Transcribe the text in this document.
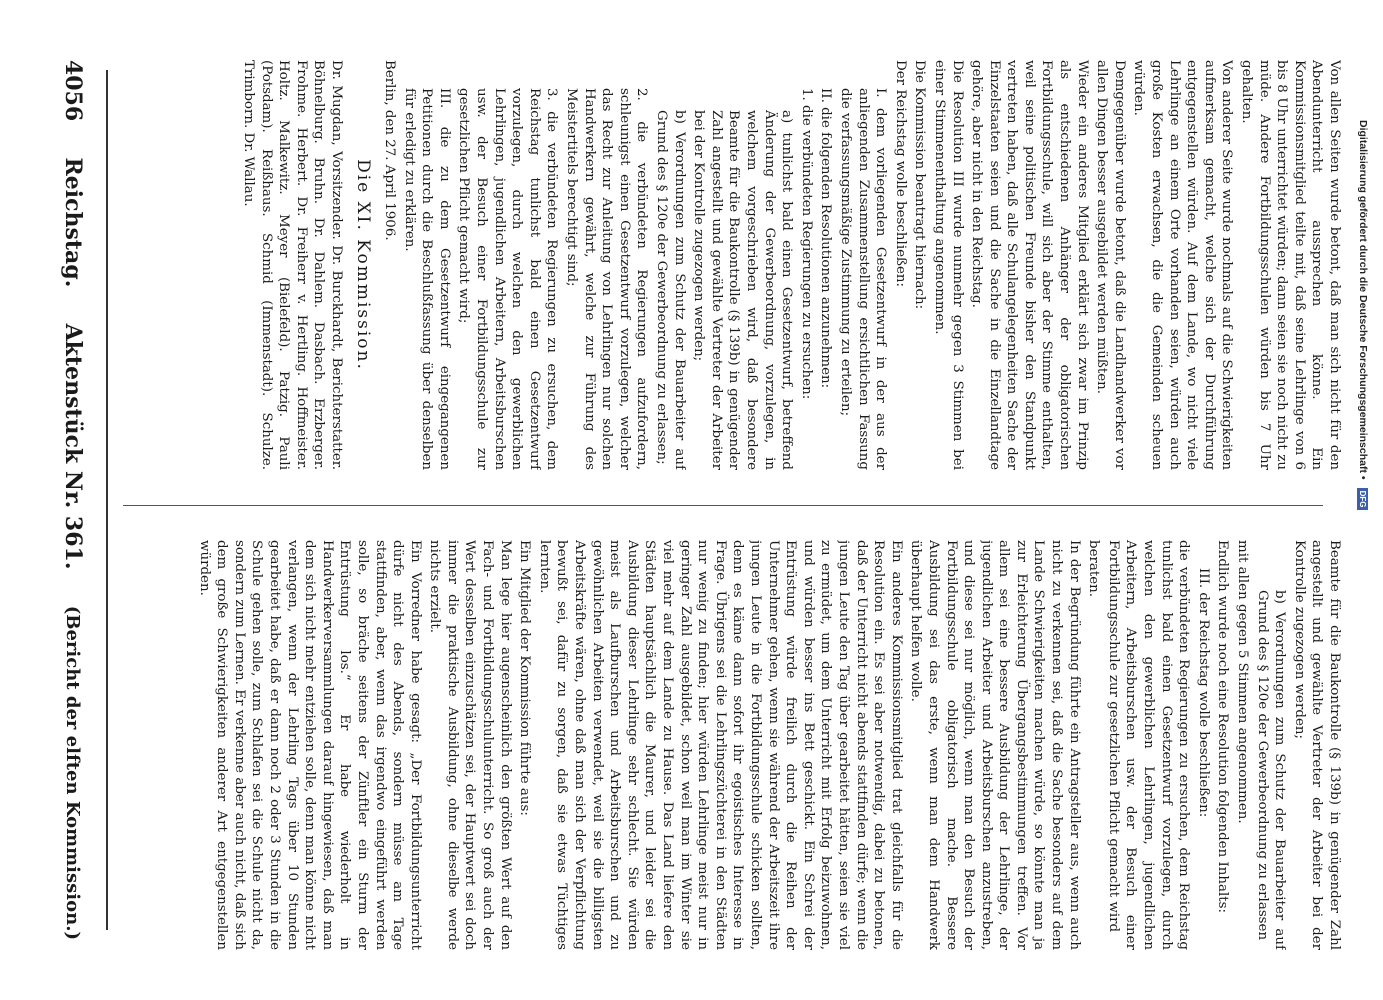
Digitalisierung gefördert durch die Deutsche Forschungsgemeinschaft •
DFG

Von allen Seiten wurde betont, daß man sich nicht für den Abendunterricht aussprechen könne. Ein Kommissionsmitglied teilte mit, daß seine Lehrlinge von 6 bis 8 Uhr unterrichtet würden; dann seien sie noch nicht zu müde. Andere Fortbildungsschulen würden bis 7 Uhr gehalten.

Von anderer Seite wurde nochmals auf die Schwierigkeiten aufmerksam gemacht, welche sich der Durchführung entgegenstellen würden. Auf dem Lande, wo nicht viele Lehrlinge an einem Orte vorhanden seien, würden auch große Kosten erwachsen, die die Gemeinden scheuen würden.

Demgegenüber wurde betont, daß die Landhandwerker vor allen Dingen besser ausgebildet werden müßten.

Wieder ein anderes Mitglied erklärt sich zwar im Prinzip als entschiedenen Anhänger der obligatorischen Fortbildungsschule, will sich aber der Stimme enthalten, weil seine politischen Freunde bisher den Standpunkt vertreten haben, daß alle Schulangelegenheiten Sache der Einzelstaaten seien und die Sache in die Einzellandtage gehöre, aber nicht in den Reichstag.

Die Resolution III wurde nunmehr gegen 3 Stimmen bei einer Stimmenenthaltung angenommen.

Die Kommission beantragt hiernach:

Der Reichstag wolle beschließen:

I. dem vorliegenden Gesetzentwurf in der aus der anliegenden Zusammenstellung ersichtlichen Fassung die verfassungsmäßige Zustimmung zu erteilen;

II. die folgenden Resolutionen anzunehmen:

1. die verbündeten Regierungen zu ersuchen:

a) tunlichst bald einen Gesetzentwurf, betreffend Änderung der Gewerbeordnung, vorzulegen, in welchem vorgeschrieben wird, daß besondere Beamte für die Baukontrolle (§ 139b) in genügender Zahl angestellt und gewählte Vertreter der Arbeiter bei der Kontrolle zugezogen werden;

b) Verordnungen zum Schutz der Bauarbeiter auf Grund des § 120e der Gewerbeordnung zu erlassen;

2. die verbündeten Regierungen aufzufordern, schleunigst einen Gesetzentwurf vorzulegen, welcher das Recht zur Anleitung von Lehrlingen nur solchen Handwerkern gewährt, welche zur Führung des Meistertitels berechtigt sind;

3. die verbündeten Regierungen zu ersuchen, dem Reichstag tunlichst bald einen Gesetzentwurf vorzulegen, durch welchen den gewerblichen Lehrlingen, jugendlichen Arbeitern, Arbeitsburschen usw. der Besuch einer Fortbildungsschule zur gesetzlichen Pflicht gemacht wird;

III. die zu dem Gesetzentwurf eingegangenen Petitionen durch die Beschlußfassung über denselben für erledigt zu erklären.

Berlin, den 27. April 1906.

Die XI. Kommission.

Dr. Mugdan, Vorsitzender. Dr. Burckhardt, Berichterstatter. Böhnelburg. Bruhn. Dr. Dahlem. Dasbach. Erzberger. Frohme. Herbert. Dr. Freiherr v. Hertling. Hoffmeister. Holtz. Malkewitz. Meyer (Bielefeld). Patzig. Pauli (Potsdam). Reißhaus. Schmid (Immenstadt). Schulze. Trimborn. Dr. Wallau.

Beamte für die Baukontrolle (§ 139b) in genügender Zahl angestellt und gewählte Vertreter der Arbeiter bei der Kontrolle zugezogen werden;

b) Verordnungen zum Schutz der Bauarbeiter auf Grund des § 120e der Gewerbeordnung zu erlassen

mit allen gegen 5 Stimmen angenommen.

Endlich wurde noch eine Resolution folgenden Inhalts:

III. der Reichstag wolle beschließen:

die verbündeten Regierungen zu ersuchen, dem Reichstag tunlichst bald einen Gesetzentwurf vorzulegen, durch welchen den gewerblichen Lehrlingen, jugendlichen Arbeitern, Arbeitsburschen usw. der Besuch einer Fortbildungsschule zur gesetzlichen Pflicht gemacht wird

beraten.

In der Begründung führte ein Antragsteller aus, wenn auch nicht zu verkennen sei, daß die Sache besonders auf dem Lande Schwierigkeiten machen würde, so könnte man ja zur Erleichterung Übergangsbestimmungen treffen. Vor allem sei eine bessere Ausbildung der Lehrlinge, der jugendlichen Arbeiter und Arbeitsburschen anzustreben, und diese sei nur möglich, wenn man den Besuch der Fortbildungsschule obligatorisch mache. Bessere Ausbildung sei das erste, wenn man dem Handwerk überhaupt helfen wolle.

Ein anderes Kommissionsmitglied trat gleichfalls für die Resolution ein. Es sei aber notwendig, dabei zu betonen, daß der Unterricht nicht abends stattfinden dürfe; wenn die jungen Leute den Tag über gearbeitet hätten, seien sie viel zu ermüdet, um dem Unterricht mit Erfolg beizuwohnen, und würden besser ins Bett geschickt. Ein Schrei der Entrüstung würde freilich durch die Reihen der Unternehmer gehen, wenn sie während der Arbeitszeit ihre jungen Leute in die Fortbildungsschule schicken sollten, denn es käme dann sofort ihr egoistisches Interesse in Frage. Übrigens sei die Lehrlingszüchterei in den Städten nur wenig zu finden; hier würden Lehrlinge meist nur in geringer Zahl ausgebildet, schon weil man im Winter sie viel mehr auf dem Lande zu Hause. Das Land liefere den Städten hauptsächlich die Maurer, und leider sei die Ausbildung dieser Lehrlinge sehr schlecht. Sie würden meist als Laufburschen und Arbeitsburschen und zu gewöhnlichen Arbeiten verwendet, weil sie die billigsten Arbeitskräfte wären, ohne daß man sich der Verpflichtung bewußt sei, dafür zu sorgen, daß sie etwas Tüchtiges lernten.

Ein Mitglied der Kommission führte aus:

Man lege hier augenscheinlich den größten Wert auf den Fach- und Fortbildungsschulunterricht. So groß auch der Wert desselben einzuschätzen sei, der Hauptwert sei doch immer die praktische Ausbildung, ohne dieselbe werde nichts erzielt.

Ein Vorredner habe gesagt: „Der Fortbildungsunterricht dürfe nicht des Abends, sondern müsse am Tage stattfinden, aber, wenn das irgendwo eingeführt werden solle, so bräche seitens der Zünftler ein Sturm der Entrüstung los.“ Er habe wiederholt in Handwerkerversammlungen darauf hingewiesen, daß man dem sich nicht mehr entziehen solle, denn man könne nicht verlangen, wenn der Lehrling Tags über 10 Stunden gearbeitet habe, daß er dann noch 2 oder 3 Stunden in die Schule gehen solle, zum Schlafen sei die Schule nicht da, sondern zum Lernen. Er verkenne aber auch nicht, daß sich dem große Schwierigkeiten anderer Art entgegenstellen würden.

4056
Reichstag.
Aktenstück Nr. 361.
(Bericht der elften Kommission.)
